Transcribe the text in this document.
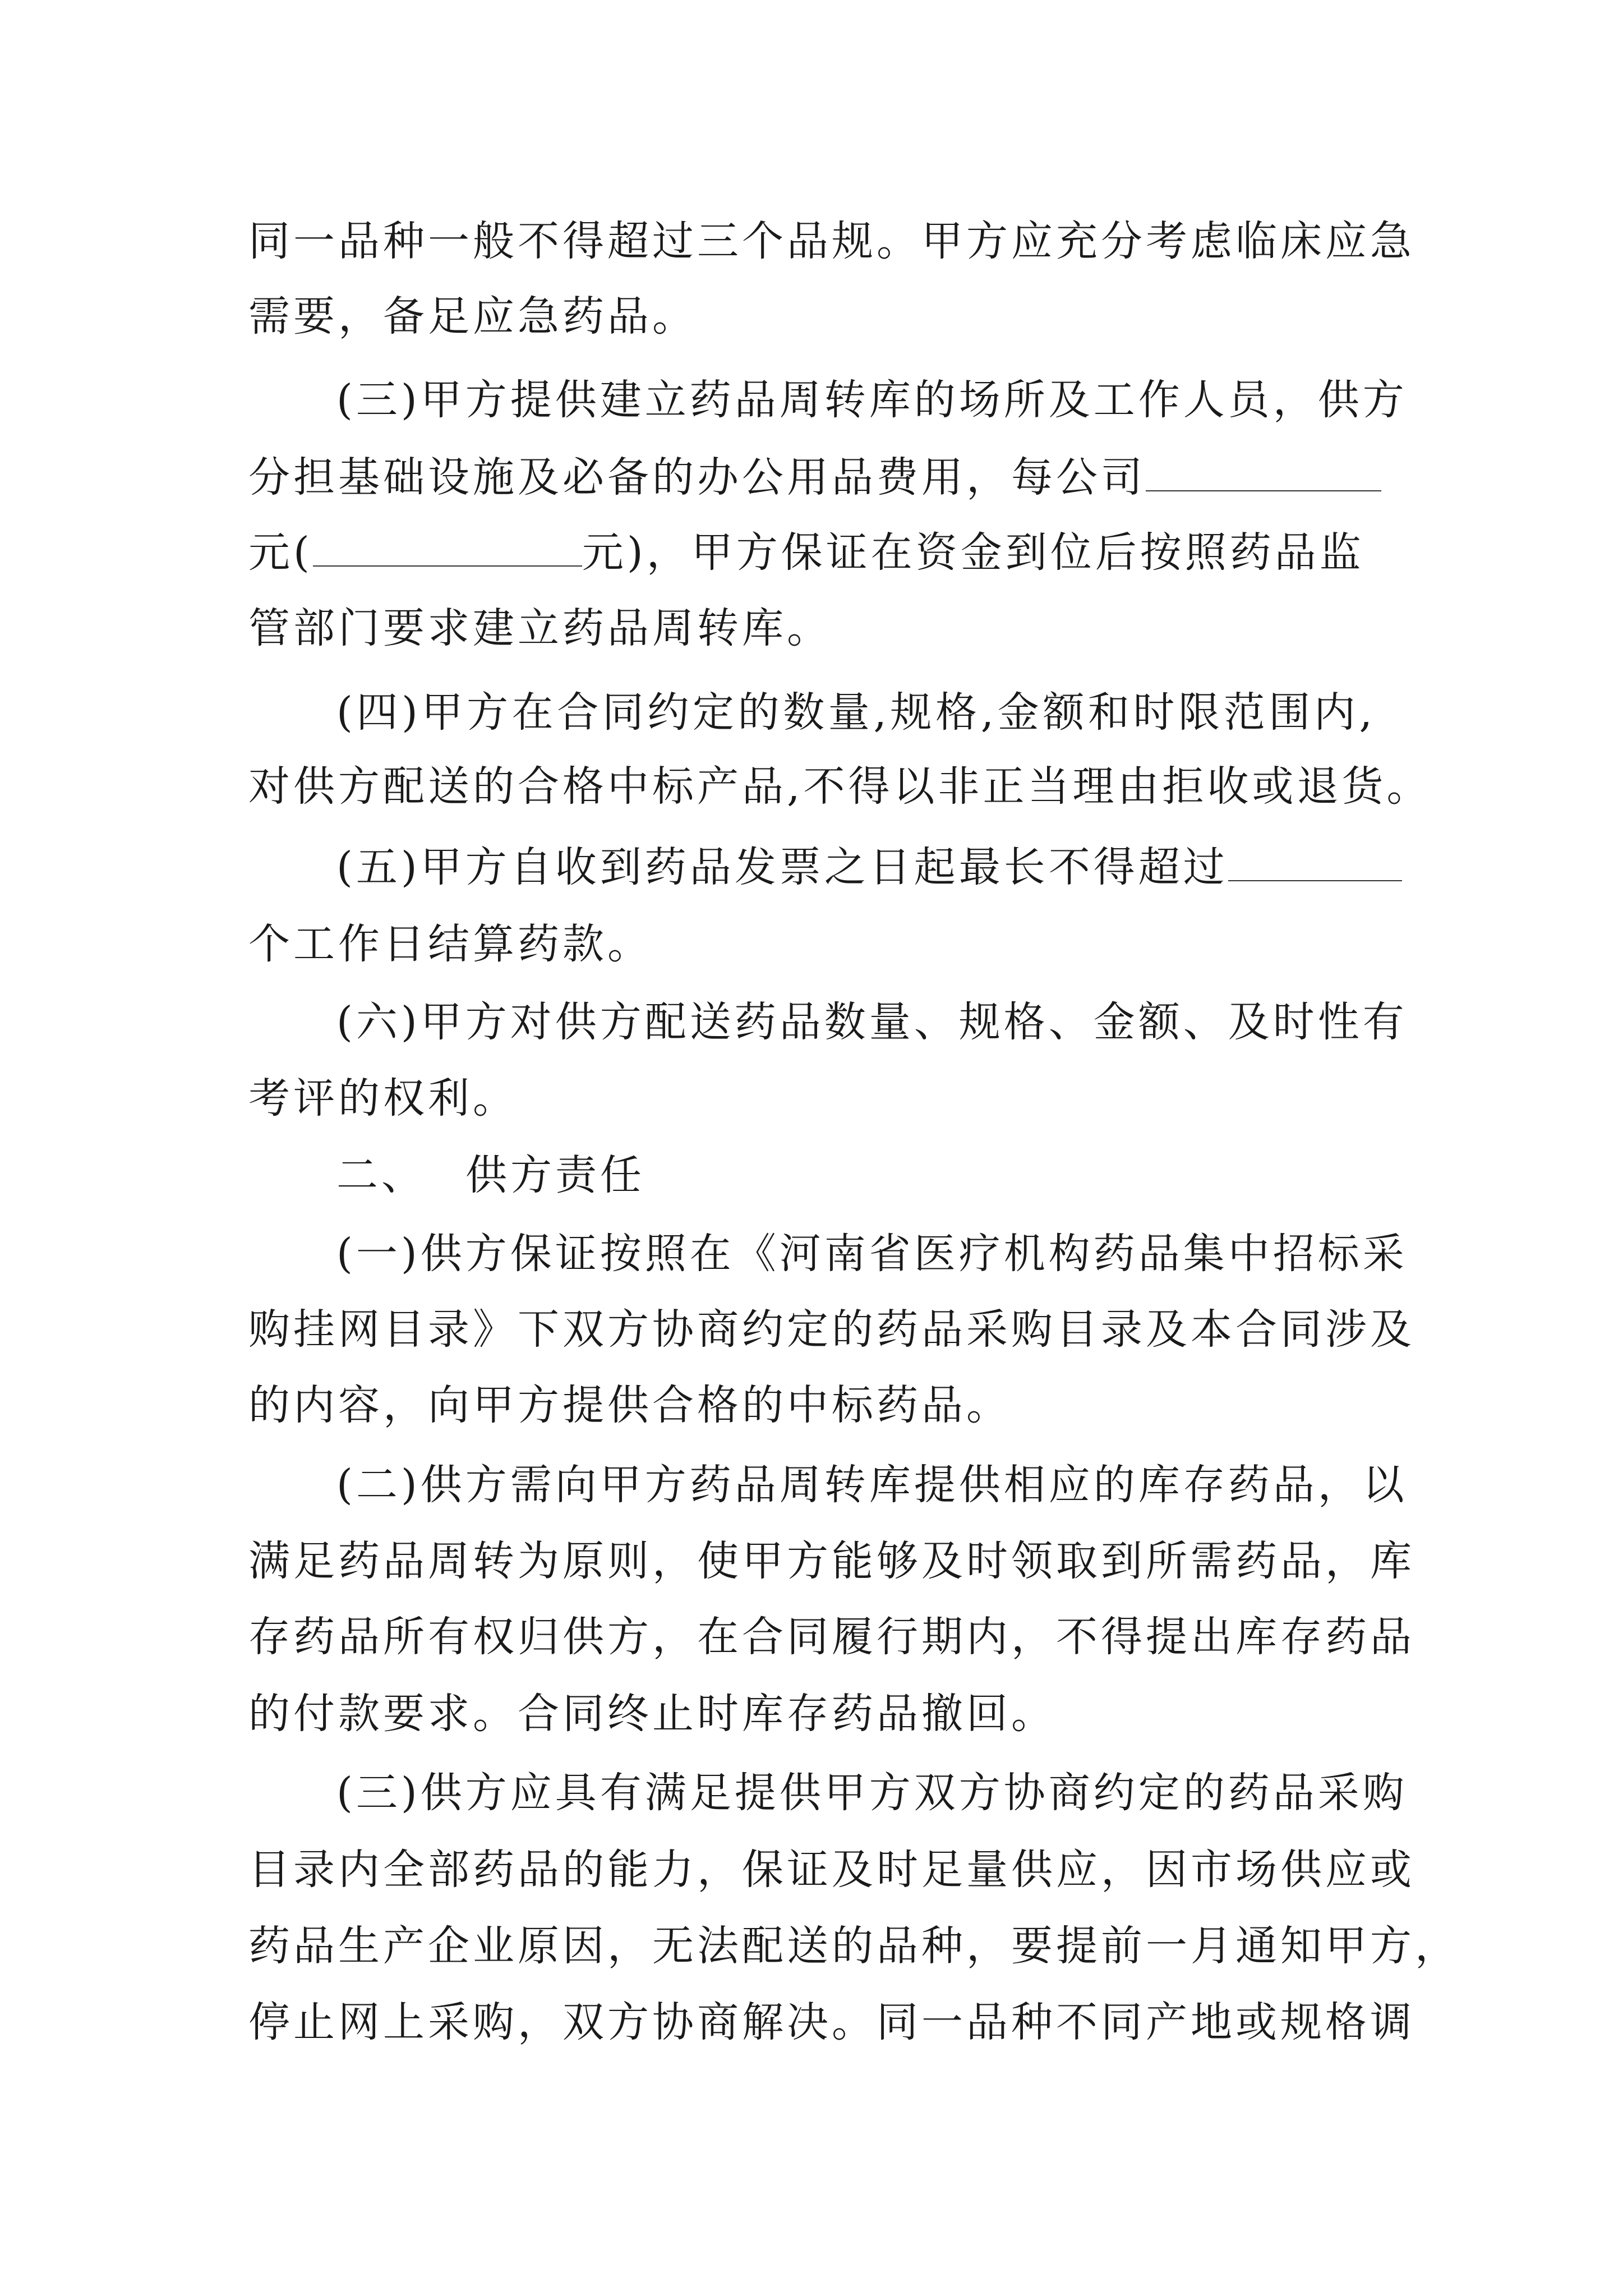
同一品种一般不得超过三个品规。甲方应充分考虑临床应急
需要，备足应急药品。
(三)甲方提供建立药品周转库的场所及工作人员，供方
分担基础设施及必备的办公用品费用，每公司
元(	元)，甲方保证在资金到位后按照药品监
管部门要求建立药品周转库。
(四)甲方在合同约定的数量,规格,金额和时限范围内,
对供方配送的合格中标产品,不得以非正当理由拒收或退货。
(五)甲方自收到药品发票之日起最长不得超过
个工作日结算药款。
(六)甲方对供方配送药品数量、规格、金额、及时性有
考评的权利。
二、 供方责任
(一)供方保证按照在《河南省医疗机构药品集中招标采
购挂网目录》下双方协商约定的药品采购目录及本合同涉及
的内容，向甲方提供合格的中标药品。
(二)供方需向甲方药品周转库提供相应的库存药品，以
满足药品周转为原则，使甲方能够及时领取到所需药品，库
存药品所有权归供方，在合同履行期内，不得提出库存药品
的付款要求。合同终止时库存药品撤回。
(三)供方应具有满足提供甲方双方协商约定的药品采购
目录内全部药品的能力，保证及时足量供应，因市场供应或
药品生产企业原因，无法配送的品种，要提前一月通知甲方，
停止网上采购，双方协商解决。同一品种不同产地或规格调
